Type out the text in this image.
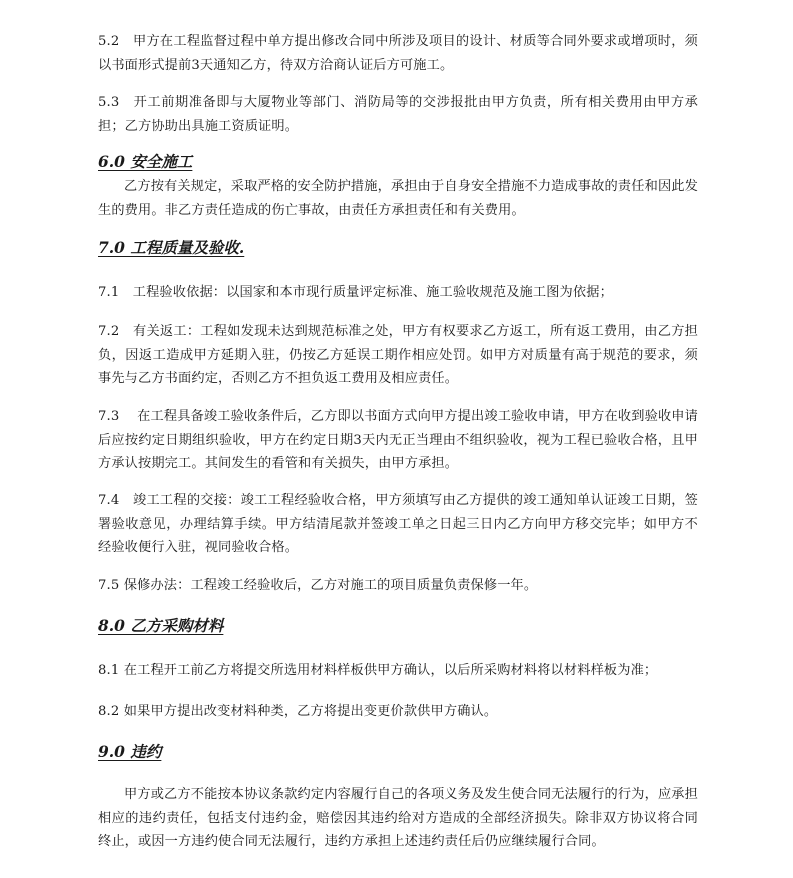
5.2　甲方在工程监督过程中单方提出修改合同中所涉及项目的设计、材质等合同外要求或增项时，须以书面形式提前3天通知乙方，待双方洽商认证后方可施工。

5.3　开工前期准备即与大厦物业等部门、消防局等的交涉报批由甲方负责，所有相关费用由甲方承担；乙方协助出具施工资质证明。

6.0 安全施工

乙方按有关规定，采取严格的安全防护措施，承担由于自身安全措施不力造成事故的责任和因此发生的费用。非乙方责任造成的伤亡事故，由责任方承担责任和有关费用。

7.0 工程质量及验收.

7.1　工程验收依据：以国家和本市现行质量评定标准、施工验收规范及施工图为依据；

7.2　有关返工：工程如发现未达到规范标准之处，甲方有权要求乙方返工，所有返工费用，由乙方担负，因返工造成甲方延期入驻，仍按乙方延误工期作相应处罚。如甲方对质量有高于规范的要求，须事先与乙方书面约定，否则乙方不担负返工费用及相应责任。

7.3　 在工程具备竣工验收条件后，乙方即以书面方式向甲方提出竣工验收申请，甲方在收到验收申请后应按约定日期组织验收，甲方在约定日期3天内无正当理由不组织验收，视为工程已验收合格，且甲方承认按期完工。其间发生的看管和有关损失，由甲方承担。

7.4　竣工工程的交接：竣工工程经验收合格，甲方须填写由乙方提供的竣工通知单认证竣工日期，签署验收意见，办理结算手续。甲方结清尾款并签竣工单之日起三日内乙方向甲方移交完毕；如甲方不经验收便行入驻，视同验收合格。

7.5 保修办法：工程竣工经验收后，乙方对施工的项目质量负责保修一年。

8.0 乙方采购材料

8.1 在工程开工前乙方将提交所选用材料样板供甲方确认，以后所采购材料将以材料样板为准；

8.2 如果甲方提出改变材料种类，乙方将提出变更价款供甲方确认。

9.0 违约

甲方或乙方不能按本协议条款约定内容履行自己的各项义务及发生使合同无法履行的行为，应承担相应的违约责任，包括支付违约金，赔偿因其违约给对方造成的全部经济损失。除非双方协议将合同终止，或因一方违约使合同无法履行，违约方承担上述违约责任后仍应继续履行合同。
